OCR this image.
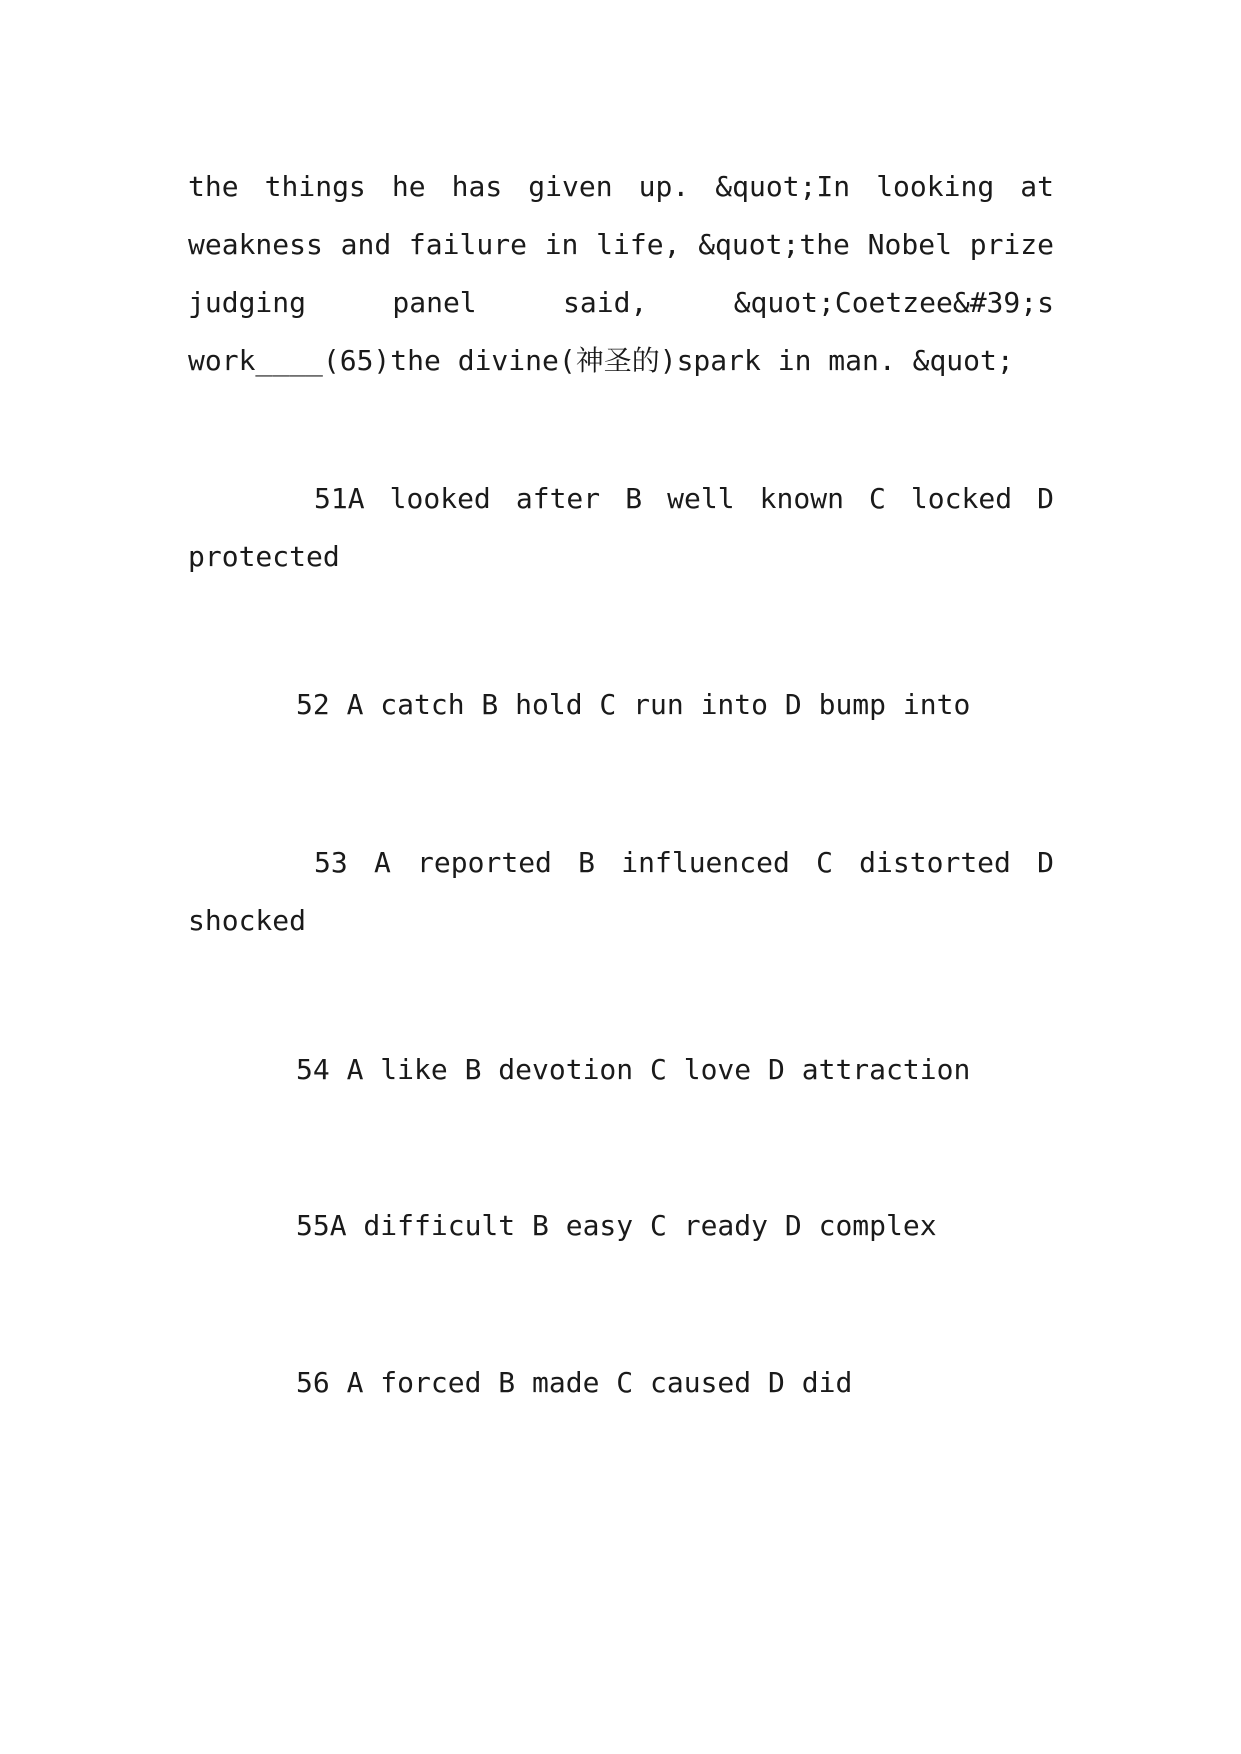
the things he has given up. &quot;In looking at
weakness and failure in life, &quot;the Nobel prize
judging panel said, &quot;Coetzee&#39;s
work____(65)the divine(神圣的)spark in man. &quot;
51A looked after B well known C locked D
protected
52 A catch B hold C run into D bump into
53 A reported B influenced C distorted D
shocked
54 A like B devotion C love D attraction
55A difficult B easy C ready D complex
56 A forced B made C caused D did
